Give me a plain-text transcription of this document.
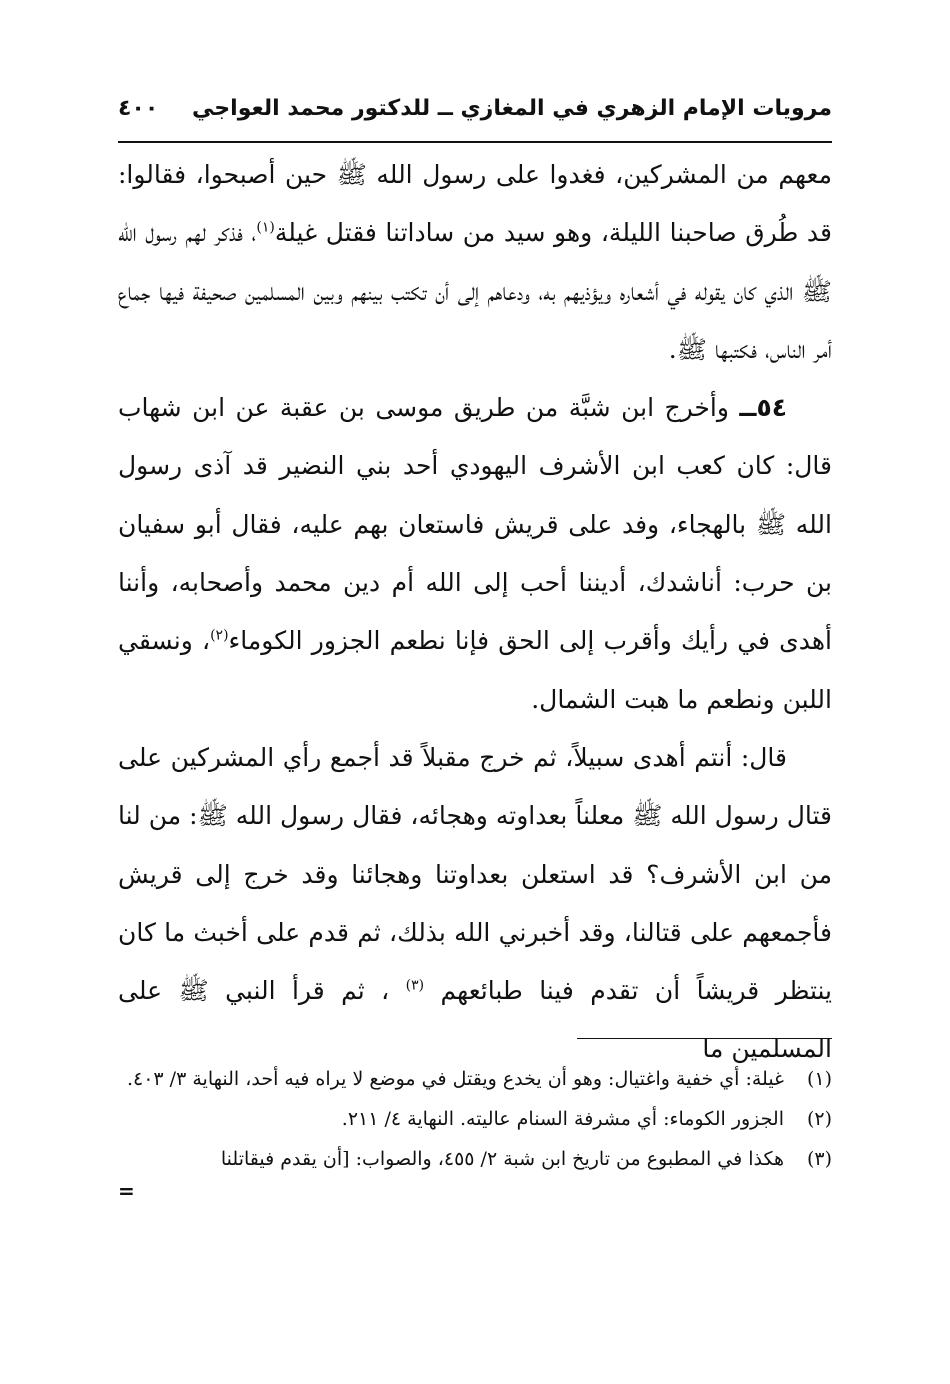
مرويات الإمام الزهري في المغازي ــ للدكتور محمد العواجي
٤٠٠

معهم من المشركين، فغدوا على رسول الله ﷺ حين أصبحوا، فقالوا: قد طُرق صاحبنا الليلة، وهو سيد من ساداتنا فقتل غيلة$^{(١)}$، فذكر لهم رسول الله ﷺ الذي كان يقوله في أشعاره ويؤذيهم به، ودعاهم إلى أن تكتب بينهم وبين المسلمين صحيفة فيها جماع أمر الناس، فكتبها ﷺ.

٥٤ــ وأخرج ابن شبَّة من طريق موسى بن عقبة عن ابن شهاب قال: كان كعب ابن الأشرف اليهودي أحد بني النضير قد آذى رسول الله ﷺ بالهجاء، وفد على قريش فاستعان بهم عليه، فقال أبو سفيان بن حرب: أناشدك، أديننا أحب إلى الله أم دين محمد وأصحابه، وأننا أهدى في رأيك وأقرب إلى الحق فإنا نطعم الجزور الكوماء$^{(٢)}$، ونسقي اللبن ونطعم ما هبت الشمال.

قال: أنتم أهدى سبيلاً، ثم خرج مقبلاً قد أجمع رأي المشركين على قتال رسول الله ﷺ معلناً بعداوته وهجائه، فقال رسول الله ﷺ: من لنا من ابن الأشرف؟ قد استعلن بعداوتنا وهجائنا وقد خرج إلى قريش فأجمعهم على قتالنا، وقد أخبرني الله بذلك، ثم قدم على أخبث ما كان ينتظر قريشاً أن تقدم فينا طبائعهم $^{(٣)}$ ، ثم قرأ النبي ﷺ على المسلمين ما

(١)
غيلة: أي خفية واغتيال: وهو أن يخدع ويقتل في موضع لا يراه فيه أحد، النهاية ٣/ ٤٠٣.
(٢)
الجزور الكوماء: أي مشرفة السنام عاليته. النهاية ٤/ ٢١١.
(٣)
هكذا في المطبوع من تاريخ ابن شبة ٢/ ٤٥٥، والصواب: [أن يقدم فيقاتلنا
=
